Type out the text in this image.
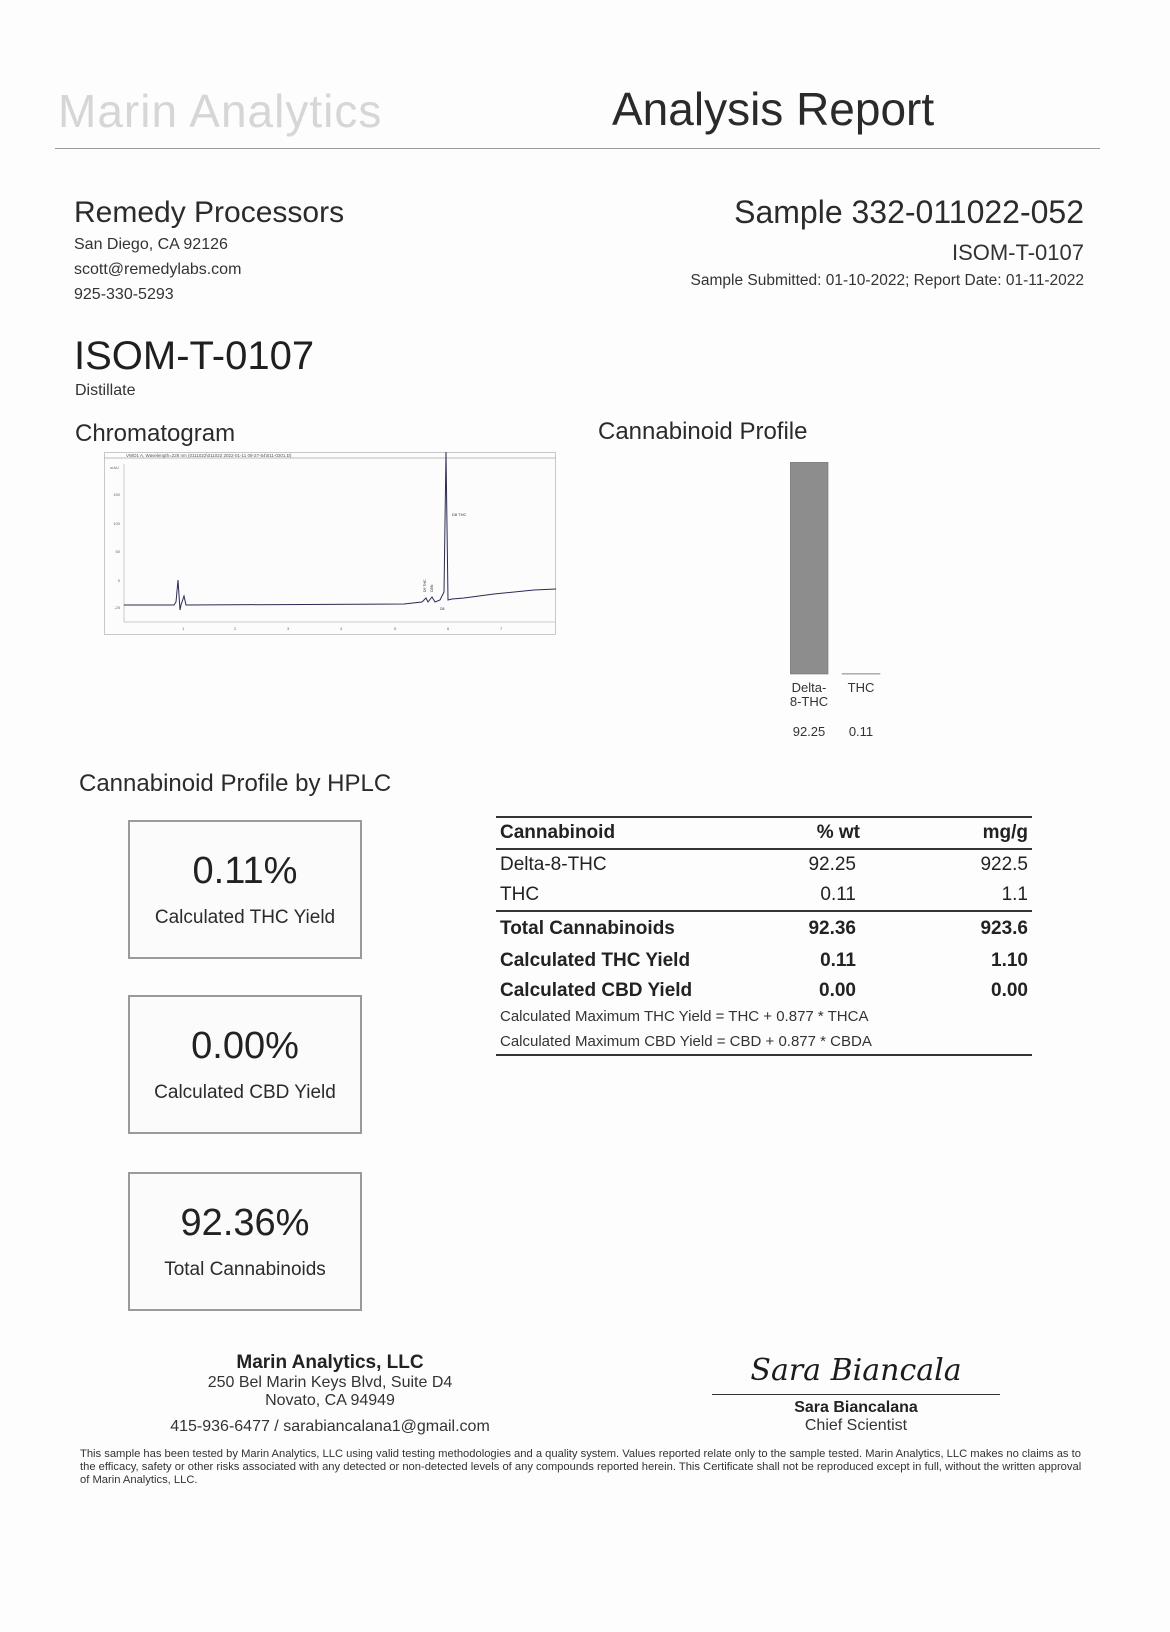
Marin Analytics	Analysis Report
Remedy Processors
San Diego, CA 92126
scott@remedylabs.com
925-330-5293
Sample 332-011022-052
ISOM-T-0107
Sample Submitted: 01-10-2022; Report Date: 01-11-2022
ISOM-T-0107
Distillate
Chromatogram	Cannabinoid Profile
VWD1 A, Wavelength=228 nm (0111022\011022 2022-01-11 09-27-54\011-0201.D)
mAU
150
100
50
0
-25
1	2	3	4	5	6	7
D8 THC
D9 THC CBN
D8
Delta-8-THC
THC
92.25 0.11
Cannabinoid Profile by HPLC
0.11%
Calculated THC Yield
0.00%
Calculated CBD Yield
92.36%
Total Cannabinoids
Cannabinoid	% wt	mg/g
Delta-8-THC	92.25	922.5
THC	0.11	1.1
Total Cannabinoids	92.36	923.6
Calculated THC Yield	0.11	1.10
Calculated CBD Yield	0.00	0.00
Calculated Maximum THC Yield = THC + 0.877 * THCA
Calculated Maximum CBD Yield = CBD + 0.877 * CBDA
Marin Analytics, LLC
250 Bel Marin Keys Blvd, Suite D4
Novato, CA 94949
415-936-6477 / sarabiancalana1@gmail.com
Sara Biancala
Sara Biancalana
Chief Scientist
This sample has been tested by Marin Analytics, LLC using valid testing methodologies and a quality system. Values reported relate only to the sample tested. Marin Analytics, LLC makes no claims as to the efficacy, safety or other risks associated with any detected or non-detected levels of any compounds reported herein. This Certificate shall not be reproduced except in full, without the written approval of Marin Analytics, LLC.
